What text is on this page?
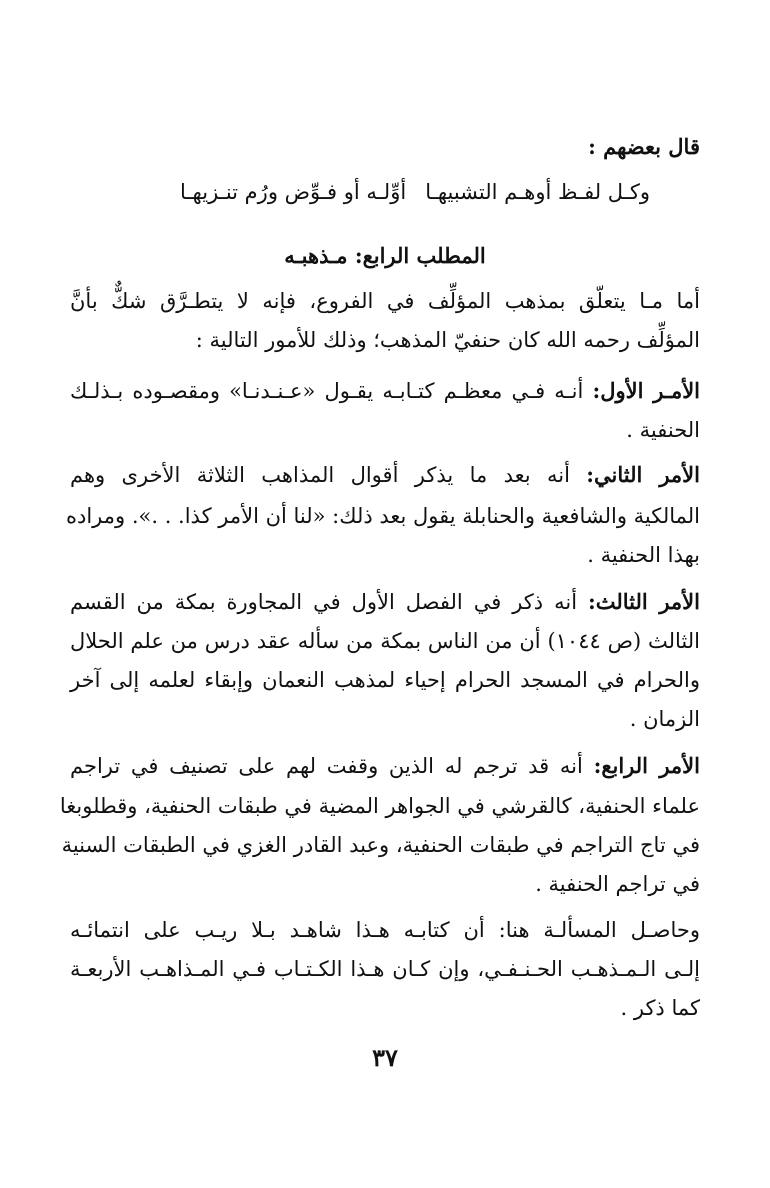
قال بعضهم :
وكـل لفـظ أوهـم التشبيهـا
أوِّلـه أو فـوِّض ورُم تنـزيهـا
المطلب الرابع: مـذهبـه
أما مـا يتعلّق بمذهب المؤلِّف في الفروع، فإنه لا يتطـرَّق شكٌّ بأنَّ
المؤلِّف رحمه الله كان حنفيّ المذهب؛ وذلك للأمور التالية :
الأمـر الأول: أنـه فـي معظـم كتـابـه يقـول «عـنـدنـا» ومقصـوده بـذلـك
الحنفية .
الأمر الثاني: أنه بعد ما يذكر أقوال المذاهب الثلاثة الأخرى وهم
المالكية والشافعية والحنابلة يقول بعد ذلك: «لنا أن الأمر كذا. . .». ومراده
بهذا الحنفية .
الأمر الثالث: أنه ذكر في الفصل الأول في المجاورة بمكة من القسم
الثالث (ص ١٠٤٤) أن من الناس بمكة من سأله عقد درس من علم الحلال
والحرام في المسجد الحرام إحياء لمذهب النعمان وإبقاء لعلمه إلى آخر
الزمان .
الأمر الرابع: أنه قد ترجم له الذين وقفت لهم على تصنيف في تراجم
علماء الحنفية، كالقرشي في الجواهر المضية في طبقات الحنفية، وقطلوبغا
في تاج التراجم في طبقات الحنفية، وعبد القادر الغزي في الطبقات السنية
في تراجم الحنفية .
وحاصـل المسألـة هنا: أن كتابـه هـذا شاهـد بـلا ريـب على انتمائـه
إلـى الـمـذهـب الحـنـفـي، وإن كـان هـذا الكـتـاب فـي المـذاهـب الأربعـة
كما ذكر .
٣٧
